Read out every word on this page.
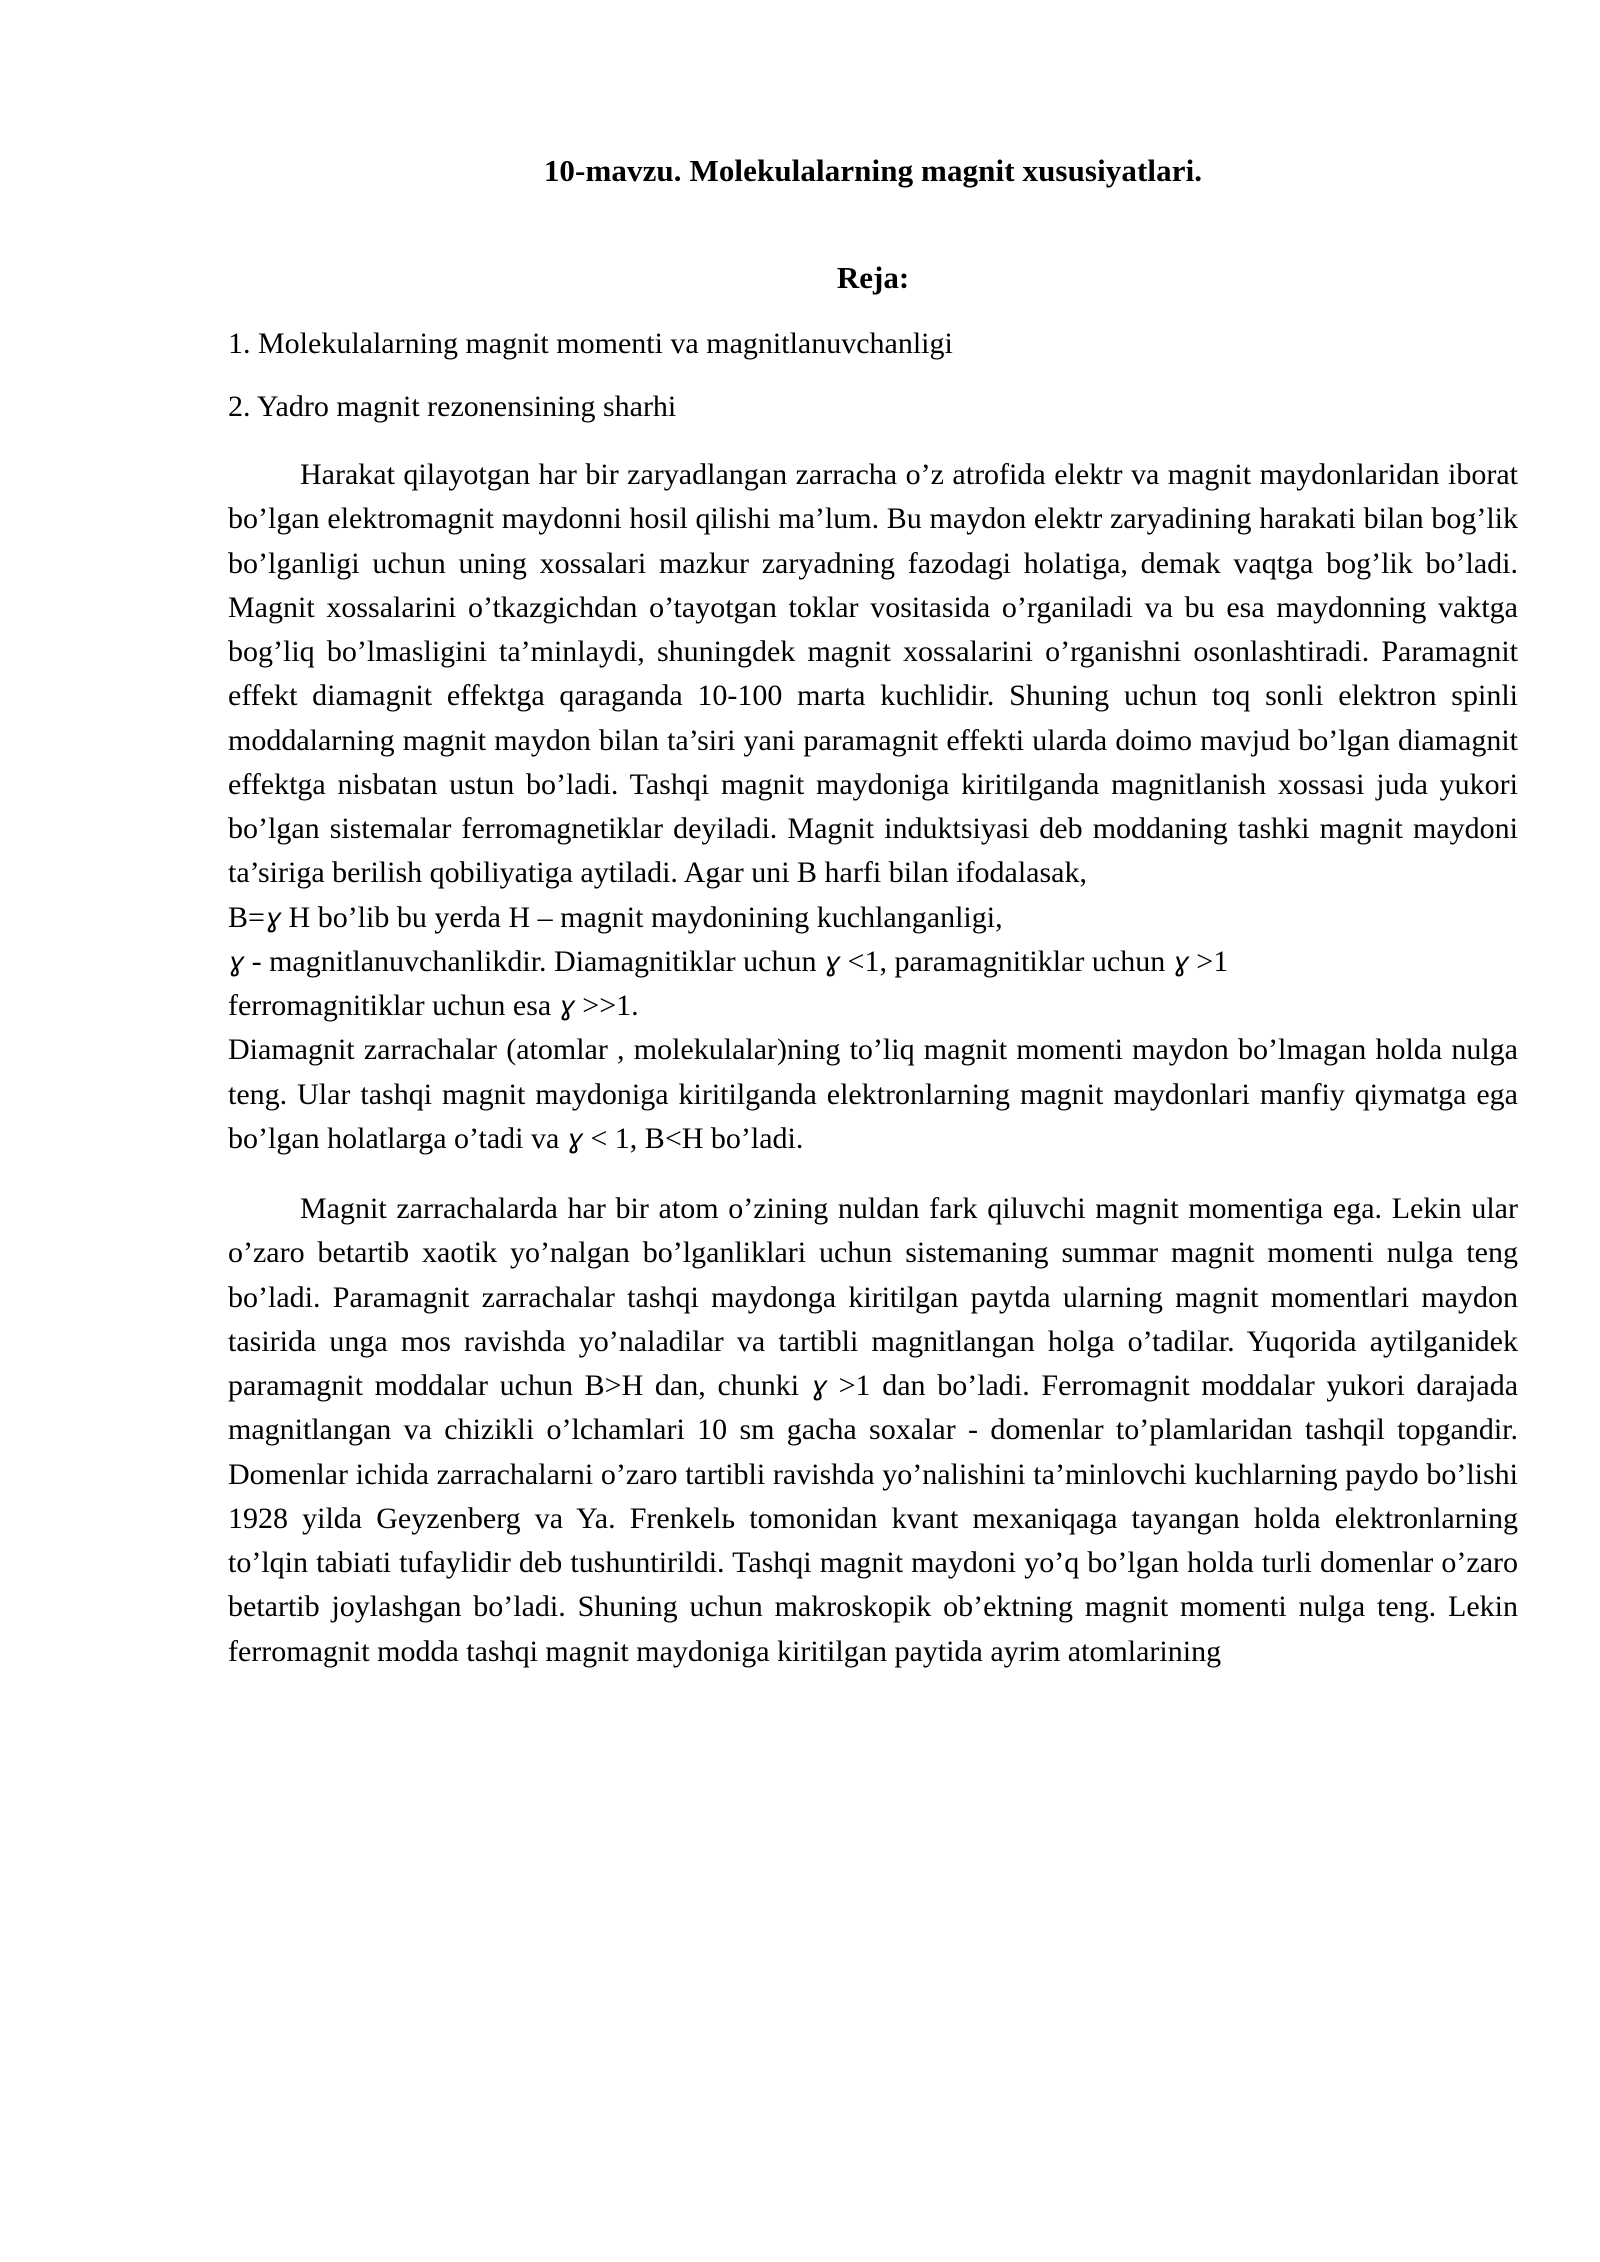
10-mavzu. Molekulalarning magnit xususiyatlari.
Reja:

1. Molekulalarning magnit momenti va magnitlanuvchanligi

2. Yadro magnit rezonensining sharhi

Harakat qilayotgan har bir zaryadlangan zarracha o’z atrofida elektr va magnit maydonlaridan iborat bo’lgan elektromagnit maydonni hosil qilishi ma’lum. Bu maydon elektr zaryadining harakati bilan bog’lik bo’lganligi uchun uning xossalari mazkur zaryadning fazodagi holatiga, demak vaqtga bog’lik bo’ladi. Magnit xossalarini o’tkazgichdan o’tayotgan toklar vositasida o’rganiladi va bu esa maydonning vaktga bog’liq bo’lmasligini ta’minlaydi, shuningdek magnit xossalarini o’rganishni osonlashtiradi. Paramagnit effekt diamagnit effektga qaraganda 10-100 marta kuchlidir. Shuning uchun toq sonli elektron spinli moddalarning magnit maydon bilan ta’siri yani paramagnit effekti ularda doimo mavjud bo’lgan diamagnit effektga nisbatan ustun bo’ladi. Tashqi magnit maydoniga kiritilganda magnitlanish xossasi juda yukori bo’lgan sistemalar ferromagnetiklar deyiladi. Magnit induktsiyasi deb moddaning tashki magnit maydoni ta’siriga berilish qobiliyatiga aytiladi. Agar uni B harfi bilan ifodalasak,

B=ɣ H bo’lib bu yerda H – magnit maydonining kuchlanganligi,

ɣ - magnitlanuvchanlikdir. Diamagnitiklar uchun ɣ <1, paramagnitiklar uchun ɣ >1

ferromagnitiklar uchun esa ɣ >>1.

Diamagnit zarrachalar (atomlar , molekulalar)ning to’liq magnit momenti maydon bo’lmagan holda nulga teng. Ular tashqi magnit maydoniga kiritilganda elektronlarning magnit maydonlari manfiy qiymatga ega bo’lgan holatlarga o’tadi va ɣ < 1, B<H bo’ladi.

Magnit zarrachalarda har bir atom o’zining nuldan fark qiluvchi magnit momentiga ega. Lekin ular o’zaro betartib xaotik yo’nalgan bo’lganliklari uchun sistemaning summar magnit momenti nulga teng bo’ladi. Paramagnit zarrachalar tashqi maydonga kiritilgan paytda ularning magnit momentlari maydon tasirida unga mos ravishda yo’naladilar va tartibli magnitlangan holga o’tadilar. Yuqorida aytilganidek paramagnit moddalar uchun B>H dan, chunki ɣ >1 dan bo’ladi. Ferromagnit moddalar yukori darajada magnitlangan va chizikli o’lchamlari 10 sm gacha soxalar - domenlar to’plamlaridan tashqil topgandir. Domenlar ichida zarrachalarni o’zaro tartibli ravishda yo’nalishini ta’minlovchi kuchlarning paydo bo’lishi 1928 yilda Geyzenberg va Ya. Frenkelь tomonidan kvant mexaniqaga tayangan holda elektronlarning to’lqin tabiati tufaylidir deb tushuntirildi. Tashqi magnit maydoni yo’q bo’lgan holda turli domenlar o’zaro betartib joylashgan bo’ladi. Shuning uchun makroskopik ob’ektning magnit momenti nulga teng. Lekin ferromagnit modda tashqi magnit maydoniga kiritilgan paytida ayrim atomlarining
